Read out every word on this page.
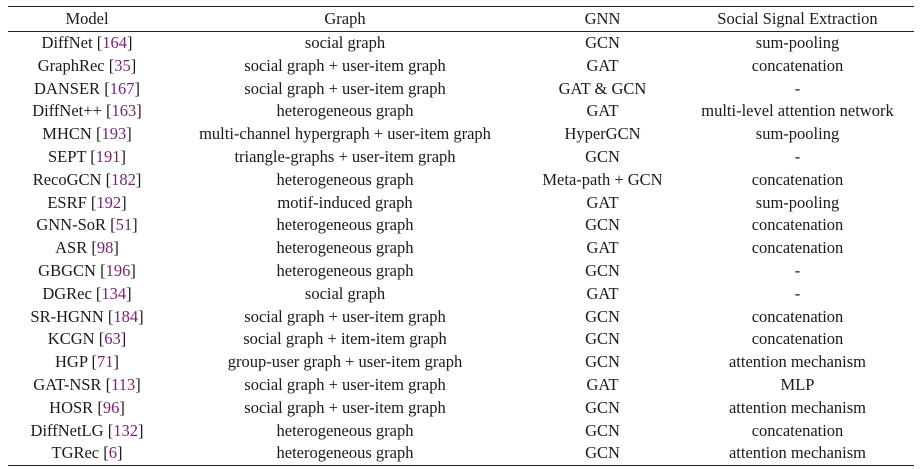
Model	Graph	GNN	Social Signal Extraction
DiffNet [164]	social graph	GCN	sum-pooling
GraphRec [35]	social graph + user-item graph	GAT	concatenation
DANSER [167]	social graph + user-item graph	GAT & GCN	-
DiffNet++ [163]	heterogeneous graph	GAT	multi-level attention network
MHCN [193]	multi-channel hypergraph + user-item graph	HyperGCN	sum-pooling
SEPT [191]	triangle-graphs + user-item graph	GCN	-
RecoGCN [182]	heterogeneous graph	Meta-path + GCN	concatenation
ESRF [192]	motif-induced graph	GAT	sum-pooling
GNN-SoR [51]	heterogeneous graph	GCN	concatenation
ASR [98]	heterogeneous graph	GAT	concatenation
GBGCN [196]	heterogeneous graph	GCN	-
DGRec [134]	social graph	GAT	-
SR-HGNN [184]	social graph + user-item graph	GCN	concatenation
KCGN [63]	social graph + item-item graph	GCN	concatenation
HGP [71]	group-user graph + user-item graph	GCN	attention mechanism
GAT-NSR [113]	social graph + user-item graph	GAT	MLP
HOSR [96]	social graph + user-item graph	GCN	attention mechanism
DiffNetLG [132]	heterogeneous graph	GCN	concatenation
TGRec [6]	heterogeneous graph	GCN	attention mechanism
